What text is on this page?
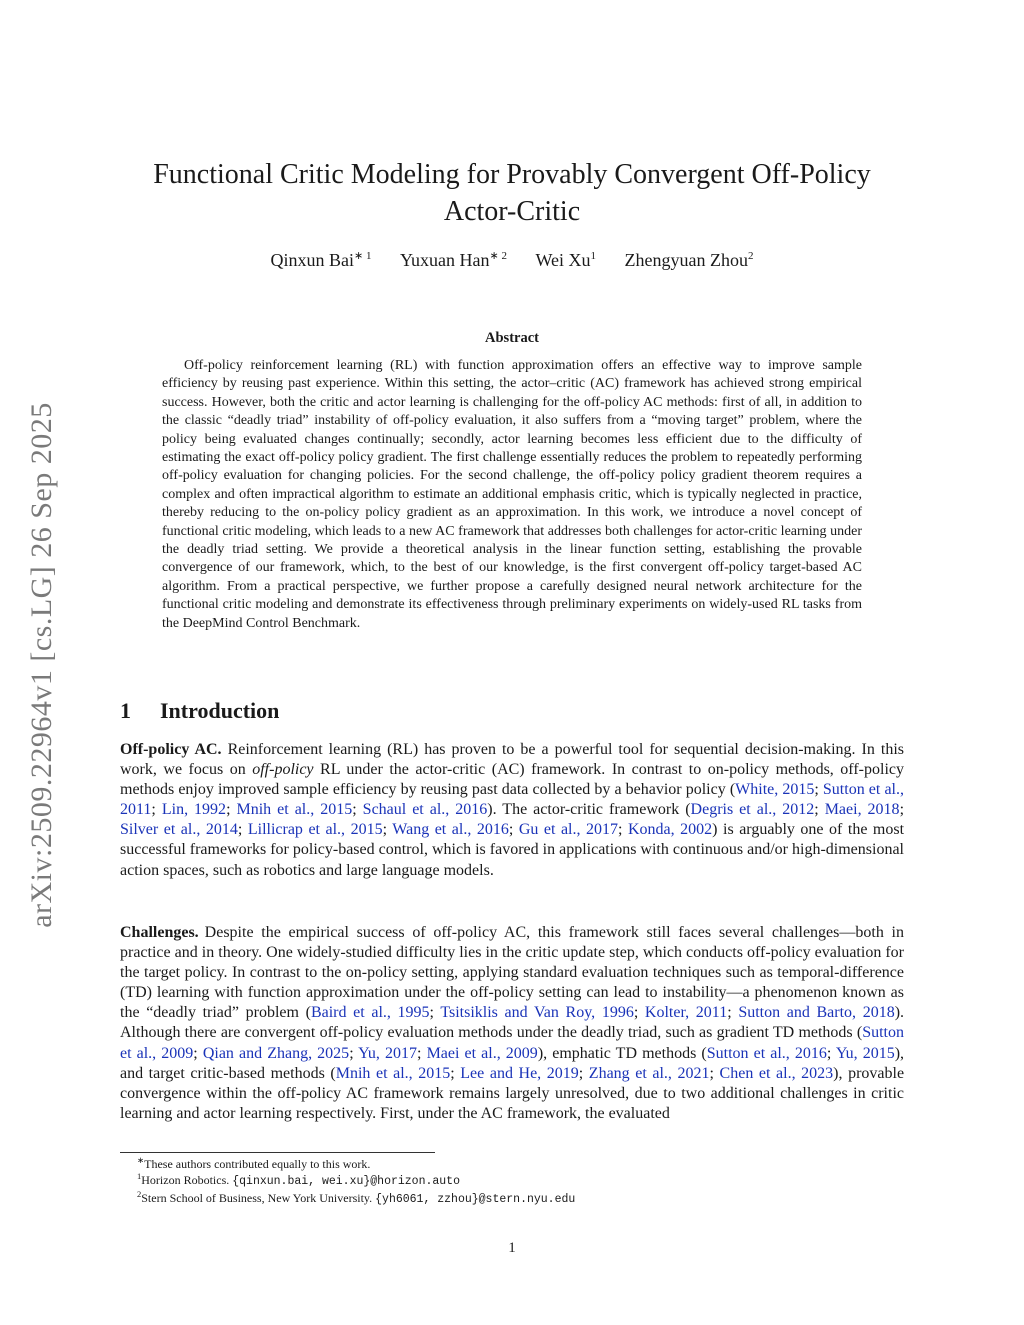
arXiv:2509.22964v1 [cs.LG] 26 Sep 2025
Functional Critic Modeling for Provably Convergent Off-Policy
Actor-Critic
Qinxun Bai$^{∗ 1}$ Yuxuan Han$^{∗ 2}$ Wei Xu$^1$ Zhengyuan Zhou$^2$
Abstract

Off-policy reinforcement learning (RL) with function approximation offers an effective way to improve sample efficiency by reusing past experience. Within this setting, the actor–critic (AC) framework has achieved strong empirical success. However, both the critic and actor learning is challenging for the off-policy AC methods: first of all, in addition to the classic “deadly triad” instability of off-policy evaluation, it also suffers from a “moving target” problem, where the policy being evaluated changes continually; secondly, actor learning becomes less efficient due to the difficulty of estimating the exact off-policy policy gradient. The first challenge essentially reduces the problem to repeatedly performing off-policy evaluation for changing policies. For the second challenge, the off-policy policy gradient theorem requires a complex and often impractical algorithm to estimate an additional emphasis critic, which is typically neglected in practice, thereby reducing to the on-policy policy gradient as an approximation. In this work, we introduce a novel concept of functional critic modeling, which leads to a new AC framework that addresses both challenges for actor-critic learning under the deadly triad setting. We provide a theoretical analysis in the linear function setting, establishing the provable convergence of our framework, which, to the best of our knowledge, is the first convergent off-policy target-based AC algorithm. From a practical perspective, we further propose a carefully designed neural network architecture for the functional critic modeling and demonstrate its effectiveness through preliminary experiments on widely-used RL tasks from the DeepMind Control Benchmark.

1 Introduction

Off-policy AC. Reinforcement learning (RL) has proven to be a powerful tool for sequential decision-making. In this work, we focus on off-policy RL under the actor-critic (AC) framework. In contrast to on-policy methods, off-policy methods enjoy improved sample efficiency by reusing past data collected by a behavior policy (White, 2015; Sutton et al., 2011; Lin, 1992; Mnih et al., 2015; Schaul et al., 2016). The actor-critic framework (Degris et al., 2012; Maei, 2018; Silver et al., 2014; Lillicrap et al., 2015; Wang et al., 2016; Gu et al., 2017; Konda, 2002) is arguably one of the most successful frameworks for policy-based control, which is favored in applications with continuous and/or high-dimensional action spaces, such as robotics and large language models.

Challenges. Despite the empirical success of off-policy AC, this framework still faces several challenges—both in practice and in theory. One widely-studied difficulty lies in the critic update step, which conducts off-policy evaluation for the target policy. In contrast to the on-policy setting, applying standard evaluation techniques such as temporal-difference (TD) learning with function approximation under the off-policy setting can lead to instability—a phenomenon known as the “deadly triad” problem (Baird et al., 1995; Tsitsiklis and Van Roy, 1996; Kolter, 2011; Sutton and Barto, 2018). Although there are convergent off-policy evaluation methods under the deadly triad, such as gradient TD methods (Sutton et al., 2009; Qian and Zhang, 2025; Yu, 2017; Maei et al., 2009), emphatic TD methods (Sutton et al., 2016; Yu, 2015), and target critic-based methods (Mnih et al., 2015; Lee and He, 2019; Zhang et al., 2021; Chen et al., 2023), provable convergence within the off-policy AC framework remains largely unresolved, due to two additional challenges in critic learning and actor learning respectively. First, under the AC framework, the evaluated

∗These authors contributed equally to this work.
$^1$Horizon Robotics. {qinxun.bai, wei.xu}@horizon.auto
$^2$Stern School of Business, New York University. {yh6061, zzhou}@stern.nyu.edu
1
